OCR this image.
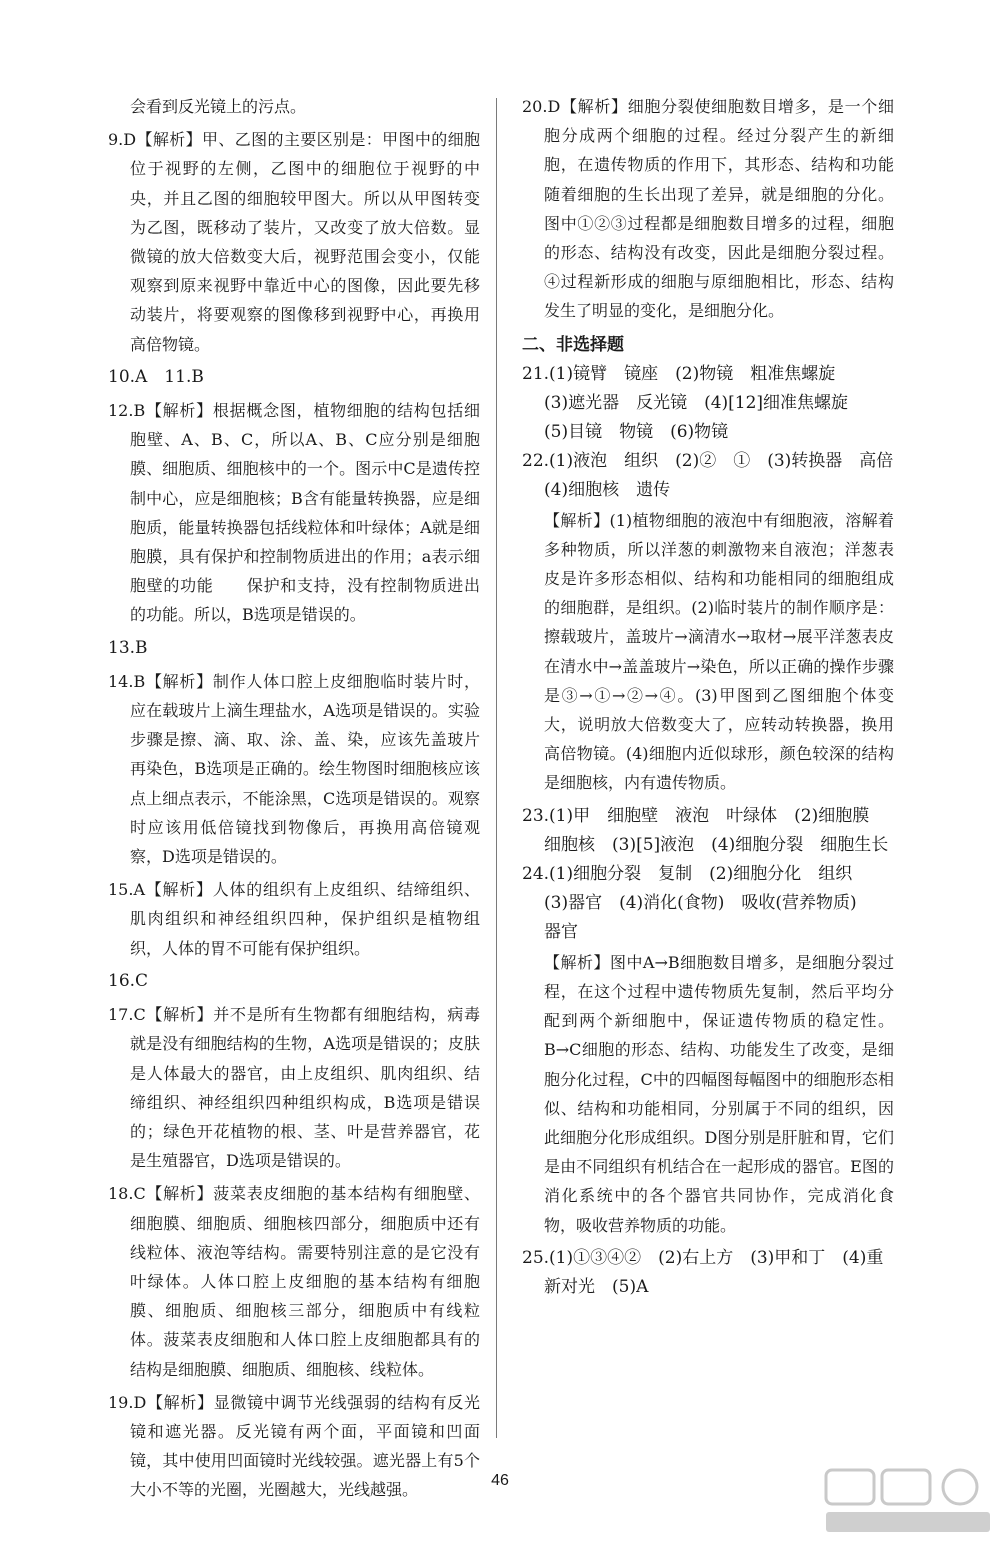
会看到反光镜上的污点。

9.D【解析】甲、乙图的主要区别是：甲图中的细胞位于视野的左侧，乙图中的细胞位于视野的中央，并且乙图的细胞较甲图大。所以从甲图转变为乙图，既移动了装片，又改变了放大倍数。显微镜的放大倍数变大后，视野范围会变小，仅能观察到原来视野中靠近中心的图像，因此要先移动装片，将要观察的图像移到视野中心，再换用高倍物镜。

10.A　11.B

12.B【解析】根据概念图，植物细胞的结构包括细胞壁、A、B、C，所以A、B、C应分别是细胞膜、细胞质、细胞核中的一个。图示中C是遗传控制中心，应是细胞核；B含有能量转换器，应是细胞质，能量转换器包括线粒体和叶绿体；A就是细胞膜，具有保护和控制物质进出的作用；a表示细胞壁的功能　　保护和支持，没有控制物质进出的功能。所以，B选项是错误的。

13.B

14.B【解析】制作人体口腔上皮细胞临时装片时，应在载玻片上滴生理盐水，A选项是错误的。实验步骤是擦、滴、取、涂、盖、染，应该先盖玻片再染色，B选项是正确的。绘生物图时细胞核应该点上细点表示，不能涂黑，C选项是错误的。观察时应该用低倍镜找到物像后，再换用高倍镜观察，D选项是错误的。

15.A【解析】人体的组织有上皮组织、结缔组织、肌肉组织和神经组织四种，保护组织是植物组织，人体的胃不可能有保护组织。

16.C

17.C【解析】并不是所有生物都有细胞结构，病毒就是没有细胞结构的生物，A选项是错误的；皮肤是人体最大的器官，由上皮组织、肌肉组织、结缔组织、神经组织四种组织构成，B选项是错误的；绿色开花植物的根、茎、叶是营养器官，花是生殖器官，D选项是错误的。

18.C【解析】菠菜表皮细胞的基本结构有细胞壁、细胞膜、细胞质、细胞核四部分，细胞质中还有线粒体、液泡等结构。需要特别注意的是它没有叶绿体。人体口腔上皮细胞的基本结构有细胞膜、细胞质、细胞核三部分，细胞质中有线粒体。菠菜表皮细胞和人体口腔上皮细胞都具有的结构是细胞膜、细胞质、细胞核、线粒体。

19.D【解析】显微镜中调节光线强弱的结构有反光镜和遮光器。反光镜有两个面，平面镜和凹面镜，其中使用凹面镜时光线较强。遮光器上有5个大小不等的光圈，光圈越大，光线越强。

20.D【解析】细胞分裂使细胞数目增多，是一个细胞分成两个细胞的过程。经过分裂产生的新细胞，在遗传物质的作用下，其形态、结构和功能随着细胞的生长出现了差异，就是细胞的分化。图中①②③过程都是细胞数目增多的过程，细胞的形态、结构没有改变，因此是细胞分裂过程。④过程新形成的细胞与原细胞相比，形态、结构发生了明显的变化，是细胞分化。

二、非选择题

21.(1)镜臂　镜座　(2)物镜　粗准焦螺旋

(3)遮光器　反光镜　(4)[12]细准焦螺旋

(5)目镜　物镜　(6)物镜

22.(1)液泡　组织　(2)②　①　(3)转换器　高倍

(4)细胞核　遗传

【解析】(1)植物细胞的液泡中有细胞液，溶解着多种物质，所以洋葱的刺激物来自液泡；洋葱表皮是许多形态相似、结构和功能相同的细胞组成的细胞群，是组织。(2)临时装片的制作顺序是：擦载玻片，盖玻片→滴清水→取材→展平洋葱表皮在清水中→盖盖玻片→染色，所以正确的操作步骤是③→①→②→④。(3)甲图到乙图细胞个体变大，说明放大倍数变大了，应转动转换器，换用高倍物镜。(4)细胞内近似球形，颜色较深的结构是细胞核，内有遗传物质。

23.(1)甲　细胞壁　液泡　叶绿体　(2)细胞膜

细胞核　(3)[5]液泡　(4)细胞分裂　细胞生长

24.(1)细胞分裂　复制　(2)细胞分化　组织

(3)器官　(4)消化(食物)　吸收(营养物质)

器官

【解析】图中A→B细胞数目增多，是细胞分裂过程，在这个过程中遗传物质先复制，然后平均分配到两个新细胞中，保证遗传物质的稳定性。B→C细胞的形态、结构、功能发生了改变，是细胞分化过程，C中的四幅图每幅图中的细胞形态相似、结构和功能相同，分别属于不同的组织，因此细胞分化形成组织。D图分别是肝脏和胃，它们是由不同组织有机结合在一起形成的器官。E图的消化系统中的各个器官共同协作，完成消化食物，吸收营养物质的功能。

25.(1)①③④②　(2)右上方　(3)甲和丁　(4)重新对光　(5)A

46
